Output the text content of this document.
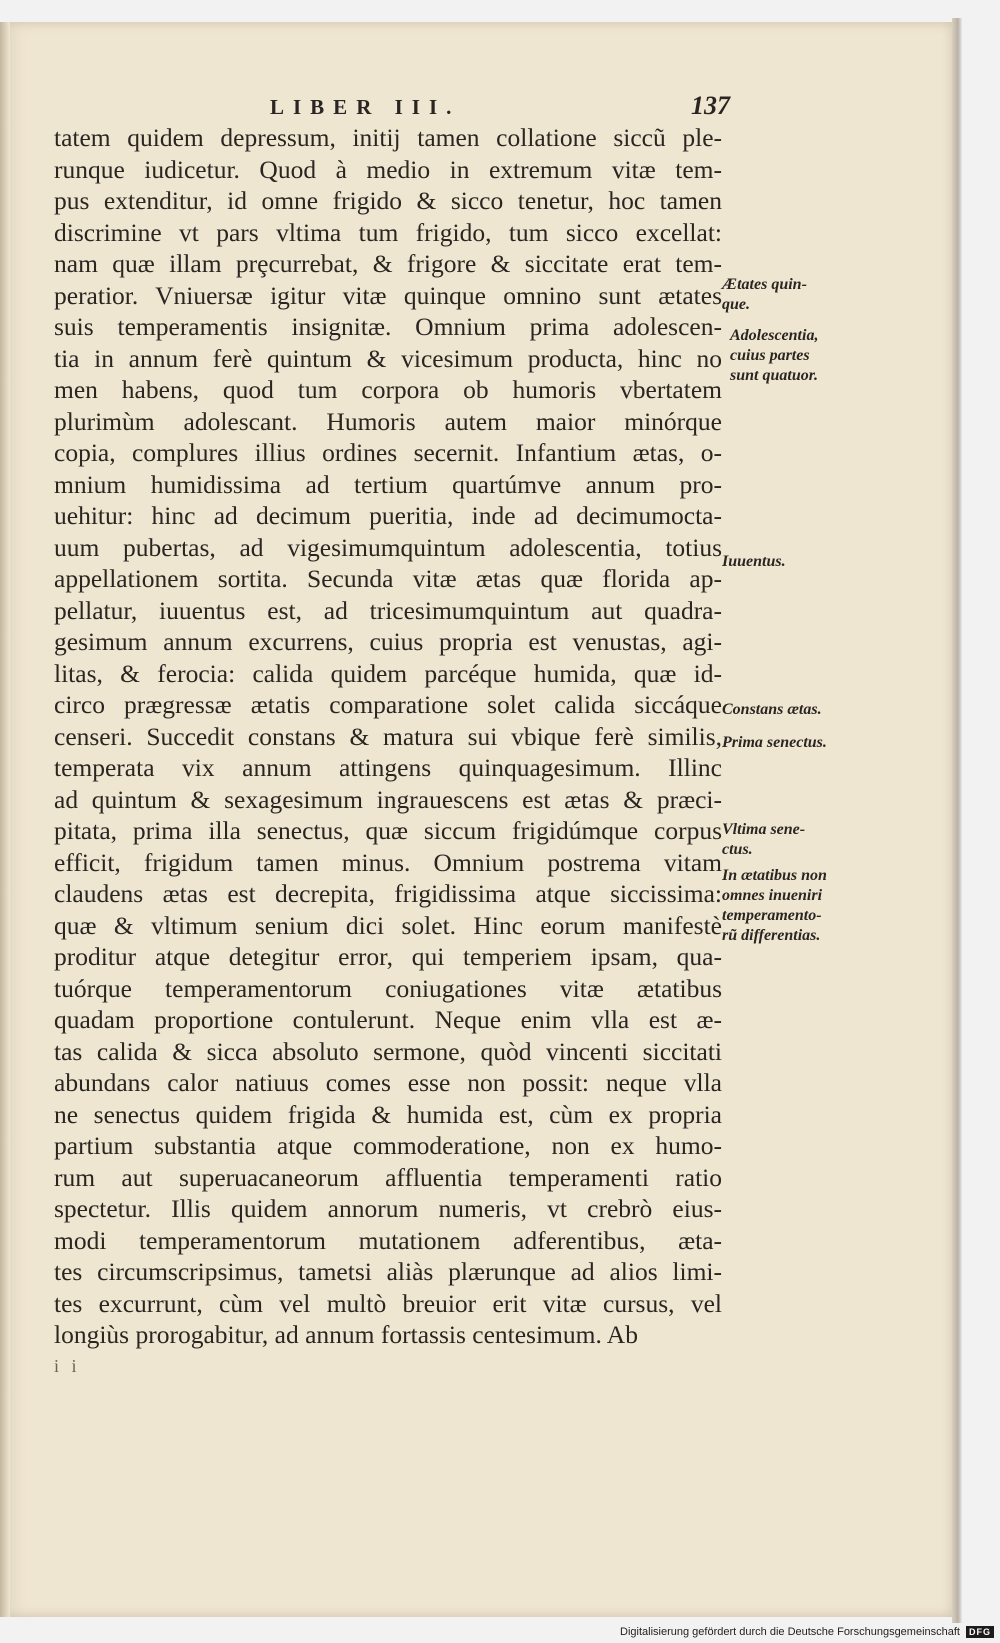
LIBER III.	137
tatem quidem depressum, initij tamen collatione siccũ ple-
runque iudicetur. Quod à medio in extremum vitæ tem-
pus extenditur, id omne frigido & sicco tenetur, hoc tamen
discrimine vt pars vltima tum frigido, tum sicco excellat:
nam quæ illam prȩcurrebat, & frigore & siccitate erat tem-
peratior. Vniuersæ igitur vitæ quinque omnino sunt ætates
suis temperamentis insignitæ. Omnium prima adolescen-
tia in annum ferè quintum & vicesimum producta, hinc no
men habens, quod tum corpora ob humoris vbertatem
plurimùm adolescant. Humoris autem maior minórque
copia, complures illius ordines secernit. Infantium ætas, o-
mnium humidissima ad tertium quartúmve annum pro-
uehitur: hinc ad decimum pueritia, inde ad decimumocta-
uum pubertas, ad vigesimumquintum adolescentia, totius
appellationem sortita. Secunda vitæ ætas quæ florida ap-
pellatur, iuuentus est, ad tricesimumquintum aut quadra-
gesimum annum excurrens, cuius propria est venustas, agi-
litas, & ferocia: calida quidem parcéque humida, quæ id-
circo prægressæ ætatis comparatione solet calida siccáque
censeri. Succedit constans & matura sui vbique ferè similis,
temperata vix annum attingens quinquagesimum. Illinc
ad quintum & sexagesimum ingrauescens est ætas & præci-
pitata, prima illa senectus, quæ siccum frigidúmque corpus
efficit, frigidum tamen minus. Omnium postrema vitam
claudens ætas est decrepita, frigidissima atque siccissima:
quæ & vltimum senium dici solet. Hinc eorum manifestè
proditur atque detegitur error, qui temperiem ipsam, qua-
tuórque temperamentorum coniugationes vitæ ætatibus
quadam proportione contulerunt. Neque enim vlla est æ-
tas calida & sicca absoluto sermone, quòd vincenti siccitati
abundans calor natiuus comes esse non possit: neque vlla
ne senectus quidem frigida & humida est, cùm ex propria
partium substantia atque commoderatione, non ex humo-
rum aut superuacaneorum affluentia temperamenti ratio
spectetur. Illis quidem annorum numeris, vt crebrò eius-
modi temperamentorum mutationem adferentibus, æta-
tes circumscripsimus, tametsi aliàs plærunque ad alios limi-
tes excurrunt, cùm vel multò breuior erit vitæ cursus, vel
longiùs prorogabitur, ad annum fortassis centesimum. Ab
i i
Ætates quin-
que.
Adolescentia,
cuius partes
sunt quatuor.
Iuuentus.
Constans ætas.
Prima senectus.
Vltima sene-
ctus.
In ætatibus non
omnes inueniri
temperamento-
rũ differentias.
Digitalisierung gefördert durch die Deutsche Forschungsgemeinschaft	DFG
